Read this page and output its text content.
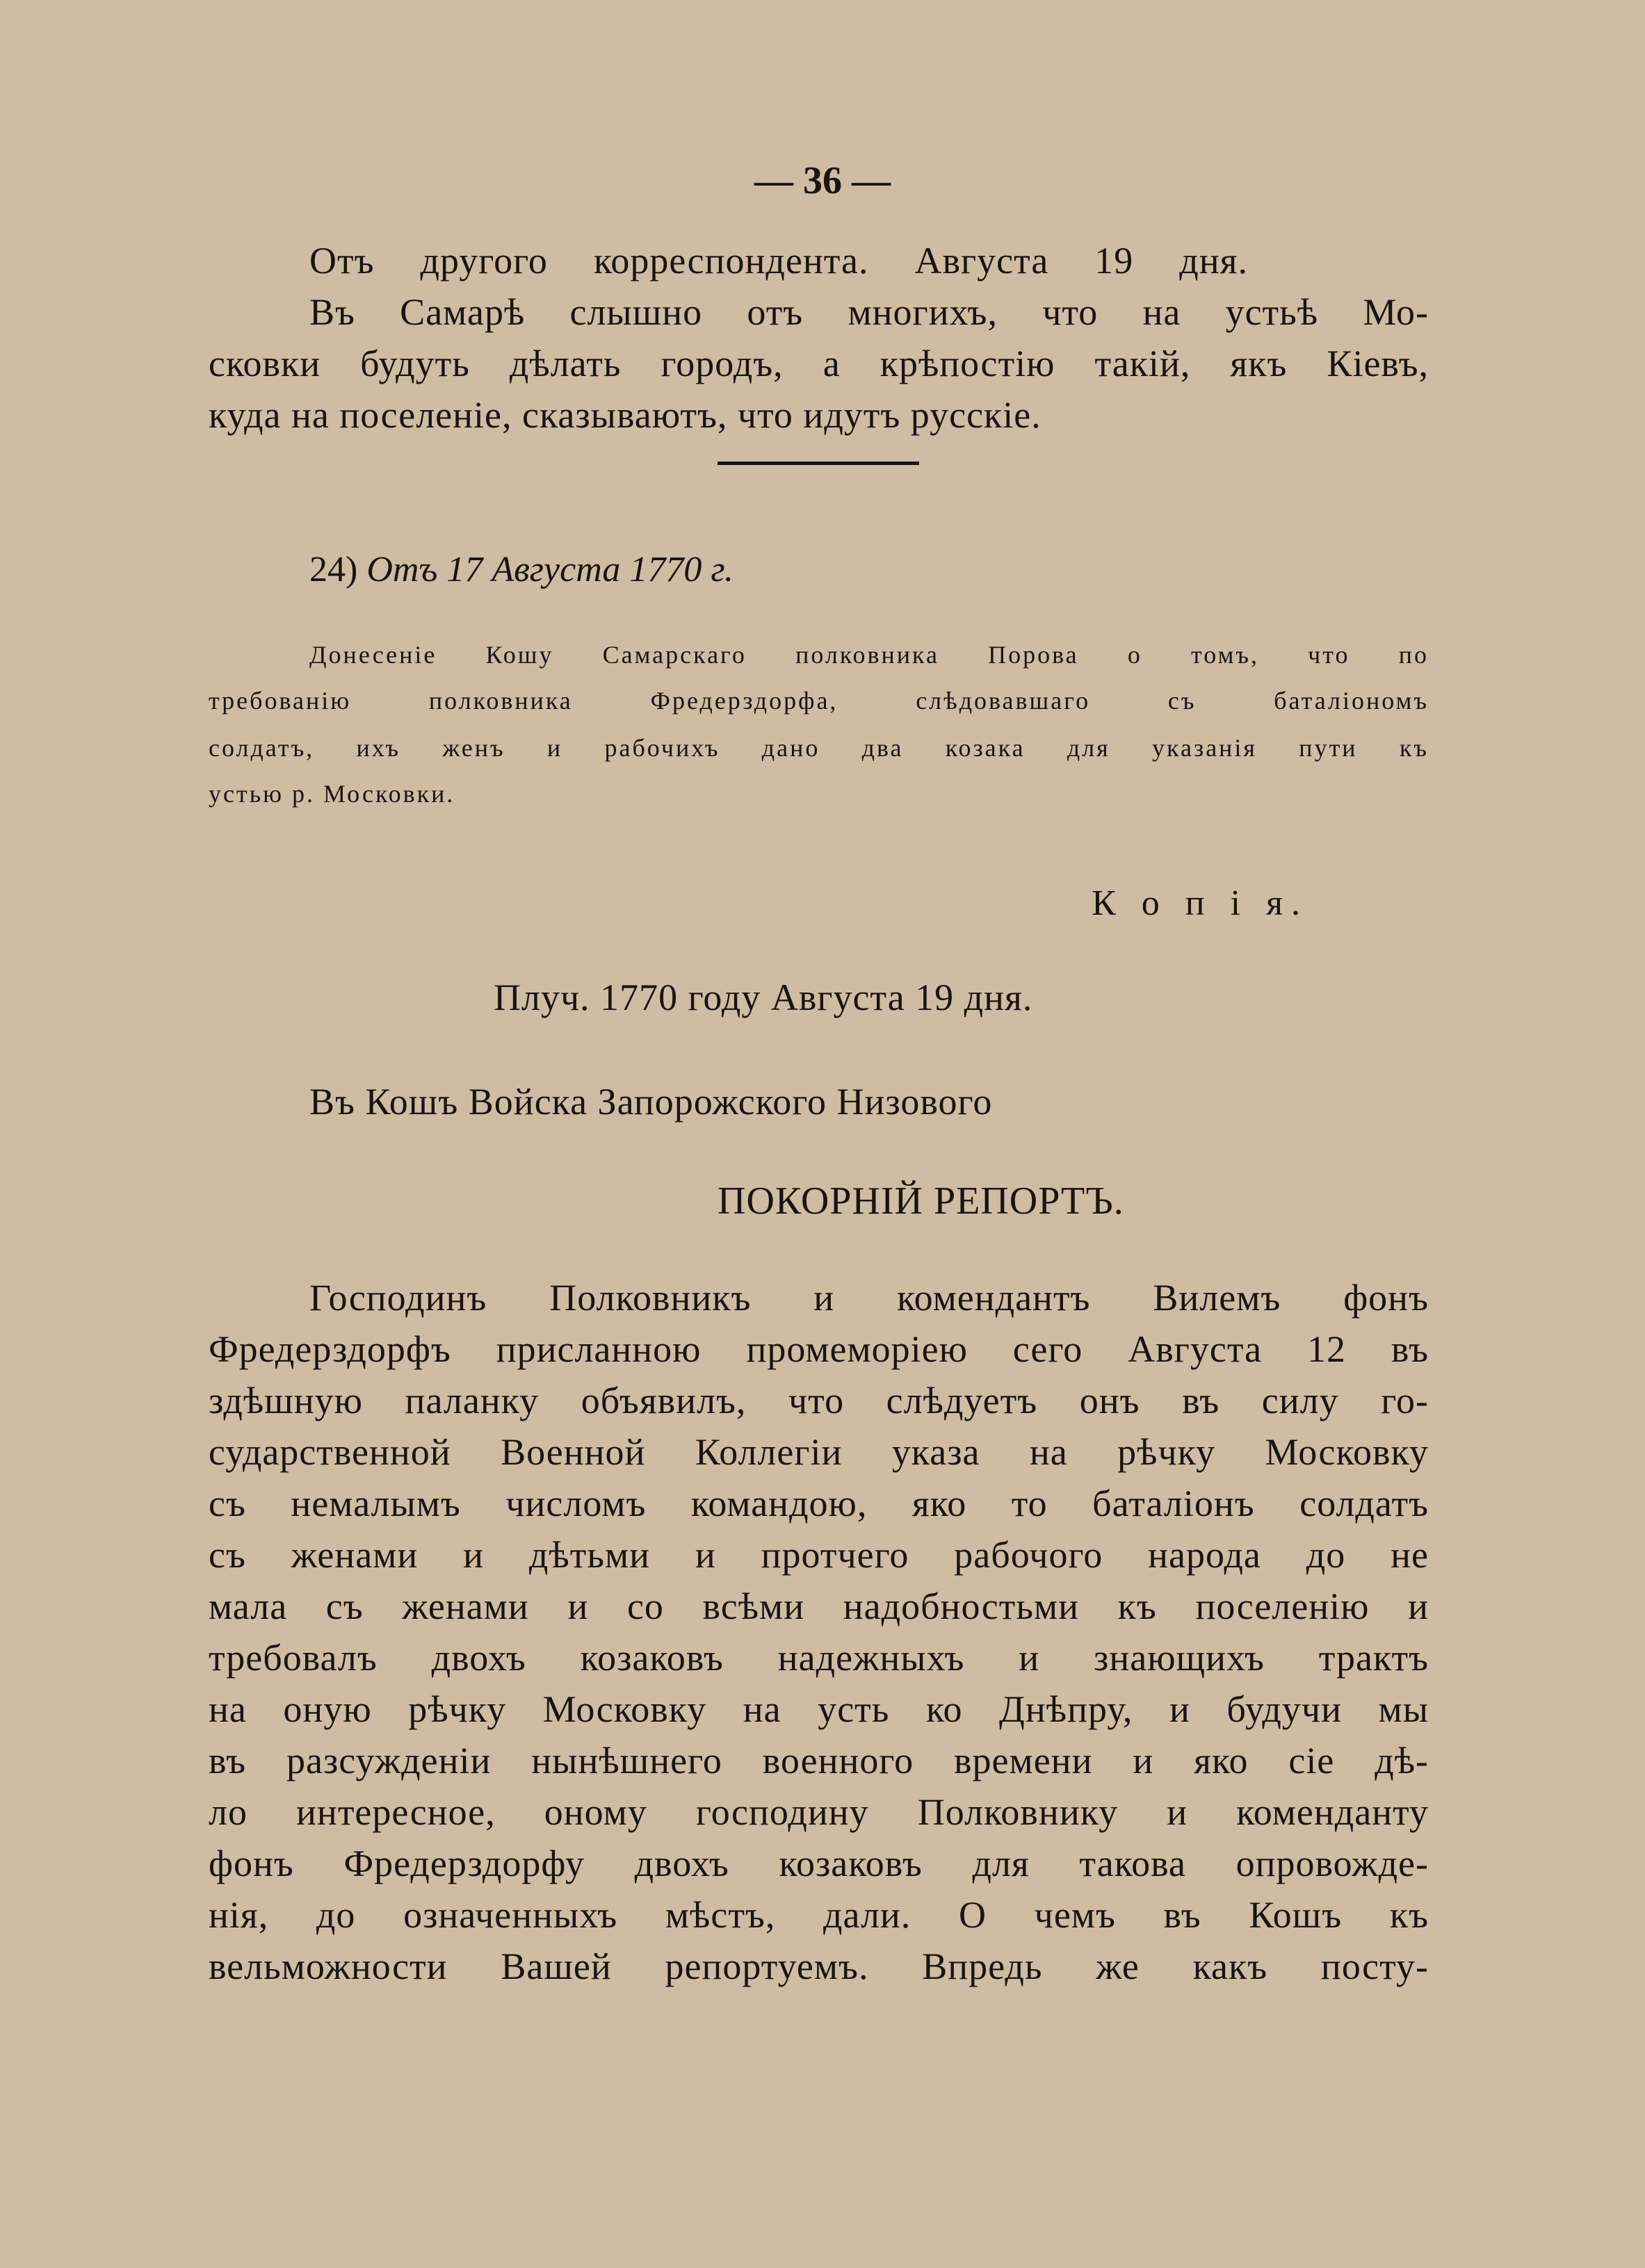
— 36 —
Отъ другого корреспондента. Августа 19 дня.
Въ Самарѣ слышно отъ многихъ, что на устьѣ Мо-
сковки будуть дѣлать городъ, а крѣпостію такій, якъ Кіевъ,
куда на поселеніе, сказываютъ, что идутъ русскіе.
24) Отъ 17 Августа 1770 г.
Донесеніе Кошу Самарскаго полковника Порова о томъ, что по
требованію полковника Фредерздорфа, слѣдовавшаго съ баталіономъ
солдатъ, ихъ женъ и рабочихъ дано два козака для указанія пути къ
устью р. Московки.
К о п і я.
Плуч. 1770 году Августа 19 дня.
Въ Кошъ Войска Запорожского Низового
ПОКОРНІЙ РЕПОРТЪ.
Господинъ Полковникъ и комендантъ Вилемъ фонъ
Фредерздорфъ присланною промеморіею сего Августа 12 въ
здѣшную паланку объявилъ, что слѣдуетъ онъ въ силу го-
сударственной Военной Коллегіи указа на рѣчку Московку
съ немалымъ числомъ командою, яко то баталіонъ солдатъ
съ женами и дѣтьми и протчего рабочого народа до не
мала съ женами и со всѣми надобностьми къ поселенію и
требовалъ двохъ козаковъ надежныхъ и знающихъ трактъ
на оную рѣчку Московку на усть ко Днѣпру, и будучи мы
въ разсужденіи нынѣшнего военного времени и яко сіе дѣ-
ло интересное, оному господину Полковнику и коменданту
фонъ Фредерздорфу двохъ козаковъ для такова опровожде-
нія, до означенныхъ мѣстъ, дали. О чемъ въ Кошъ къ
вельможности Вашей репортуемъ. Впредь же какъ посту-
